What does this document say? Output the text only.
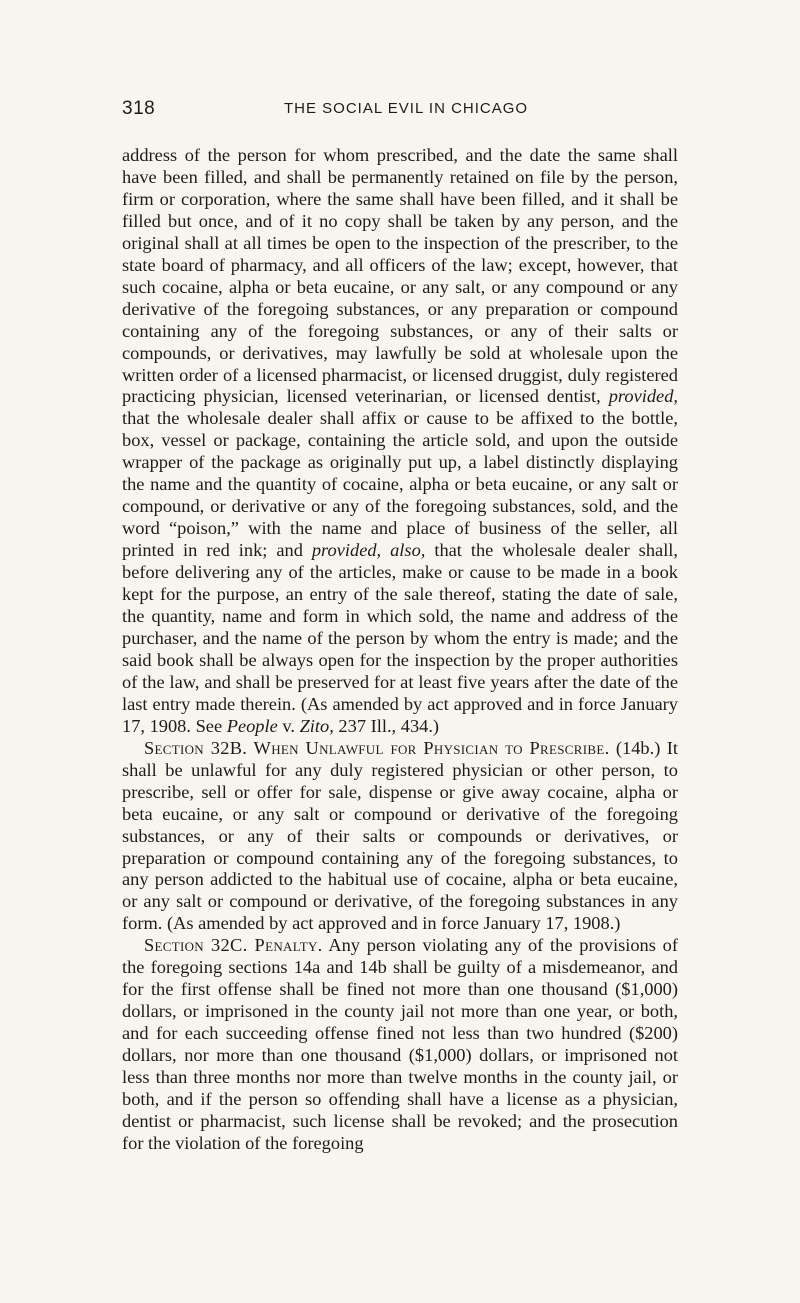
318	THE SOCIAL EVIL IN CHICAGO

address of the person for whom prescribed, and the date the same shall have been filled, and shall be permanently retained on file by the person, firm or corporation, where the same shall have been filled, and it shall be filled but once, and of it no copy shall be taken by any person, and the original shall at all times be open to the inspection of the prescriber, to the state board of pharmacy, and all officers of the law; except, however, that such cocaine, alpha or beta eucaine, or any salt, or any compound or any derivative of the foregoing substances, or any preparation or compound containing any of the foregoing substances, or any of their salts or compounds, or derivatives, may lawfully be sold at wholesale upon the written order of a licensed pharmacist, or licensed druggist, duly registered practicing physician, licensed veterinarian, or licensed dentist, provided, that the wholesale dealer shall affix or cause to be affixed to the bottle, box, vessel or package, containing the article sold, and upon the outside wrapper of the package as originally put up, a label distinctly displaying the name and the quantity of cocaine, alpha or beta eucaine, or any salt or compound, or derivative or any of the foregoing substances, sold, and the word “poison,” with the name and place of business of the seller, all printed in red ink; and provided, also, that the wholesale dealer shall, before delivering any of the articles, make or cause to be made in a book kept for the purpose, an entry of the sale thereof, stating the date of sale, the quantity, name and form in which sold, the name and address of the purchaser, and the name of the person by whom the entry is made; and the said book shall be always open for the inspection by the proper authorities of the law, and shall be preserved for at least five years after the date of the last entry made therein. (As amended by act approved and in force January 17, 1908. See People v. Zito, 237 Ill., 434.)

Section 32B. When Unlawful for Physician to Prescribe. (14b.) It shall be unlawful for any duly registered physician or other person, to prescribe, sell or offer for sale, dispense or give away cocaine, alpha or beta eucaine, or any salt or compound or derivative of the foregoing substances, or any of their salts or compounds or derivatives, or preparation or compound containing any of the foregoing substances, to any person addicted to the habitual use of cocaine, alpha or beta eucaine, or any salt or compound or derivative, of the foregoing substances in any form. (As amended by act approved and in force January 17, 1908.)

Section 32C. Penalty. Any person violating any of the provisions of the foregoing sections 14a and 14b shall be guilty of a misdemeanor, and for the first offense shall be fined not more than one thousand ($1,000) dollars, or imprisoned in the county jail not more than one year, or both, and for each succeeding offense fined not less than two hundred ($200) dollars, nor more than one thousand ($1,000) dollars, or imprisoned not less than three months nor more than twelve months in the county jail, or both, and if the person so offending shall have a license as a physician, dentist or pharmacist, such license shall be revoked; and the prosecution for the violation of the foregoing
